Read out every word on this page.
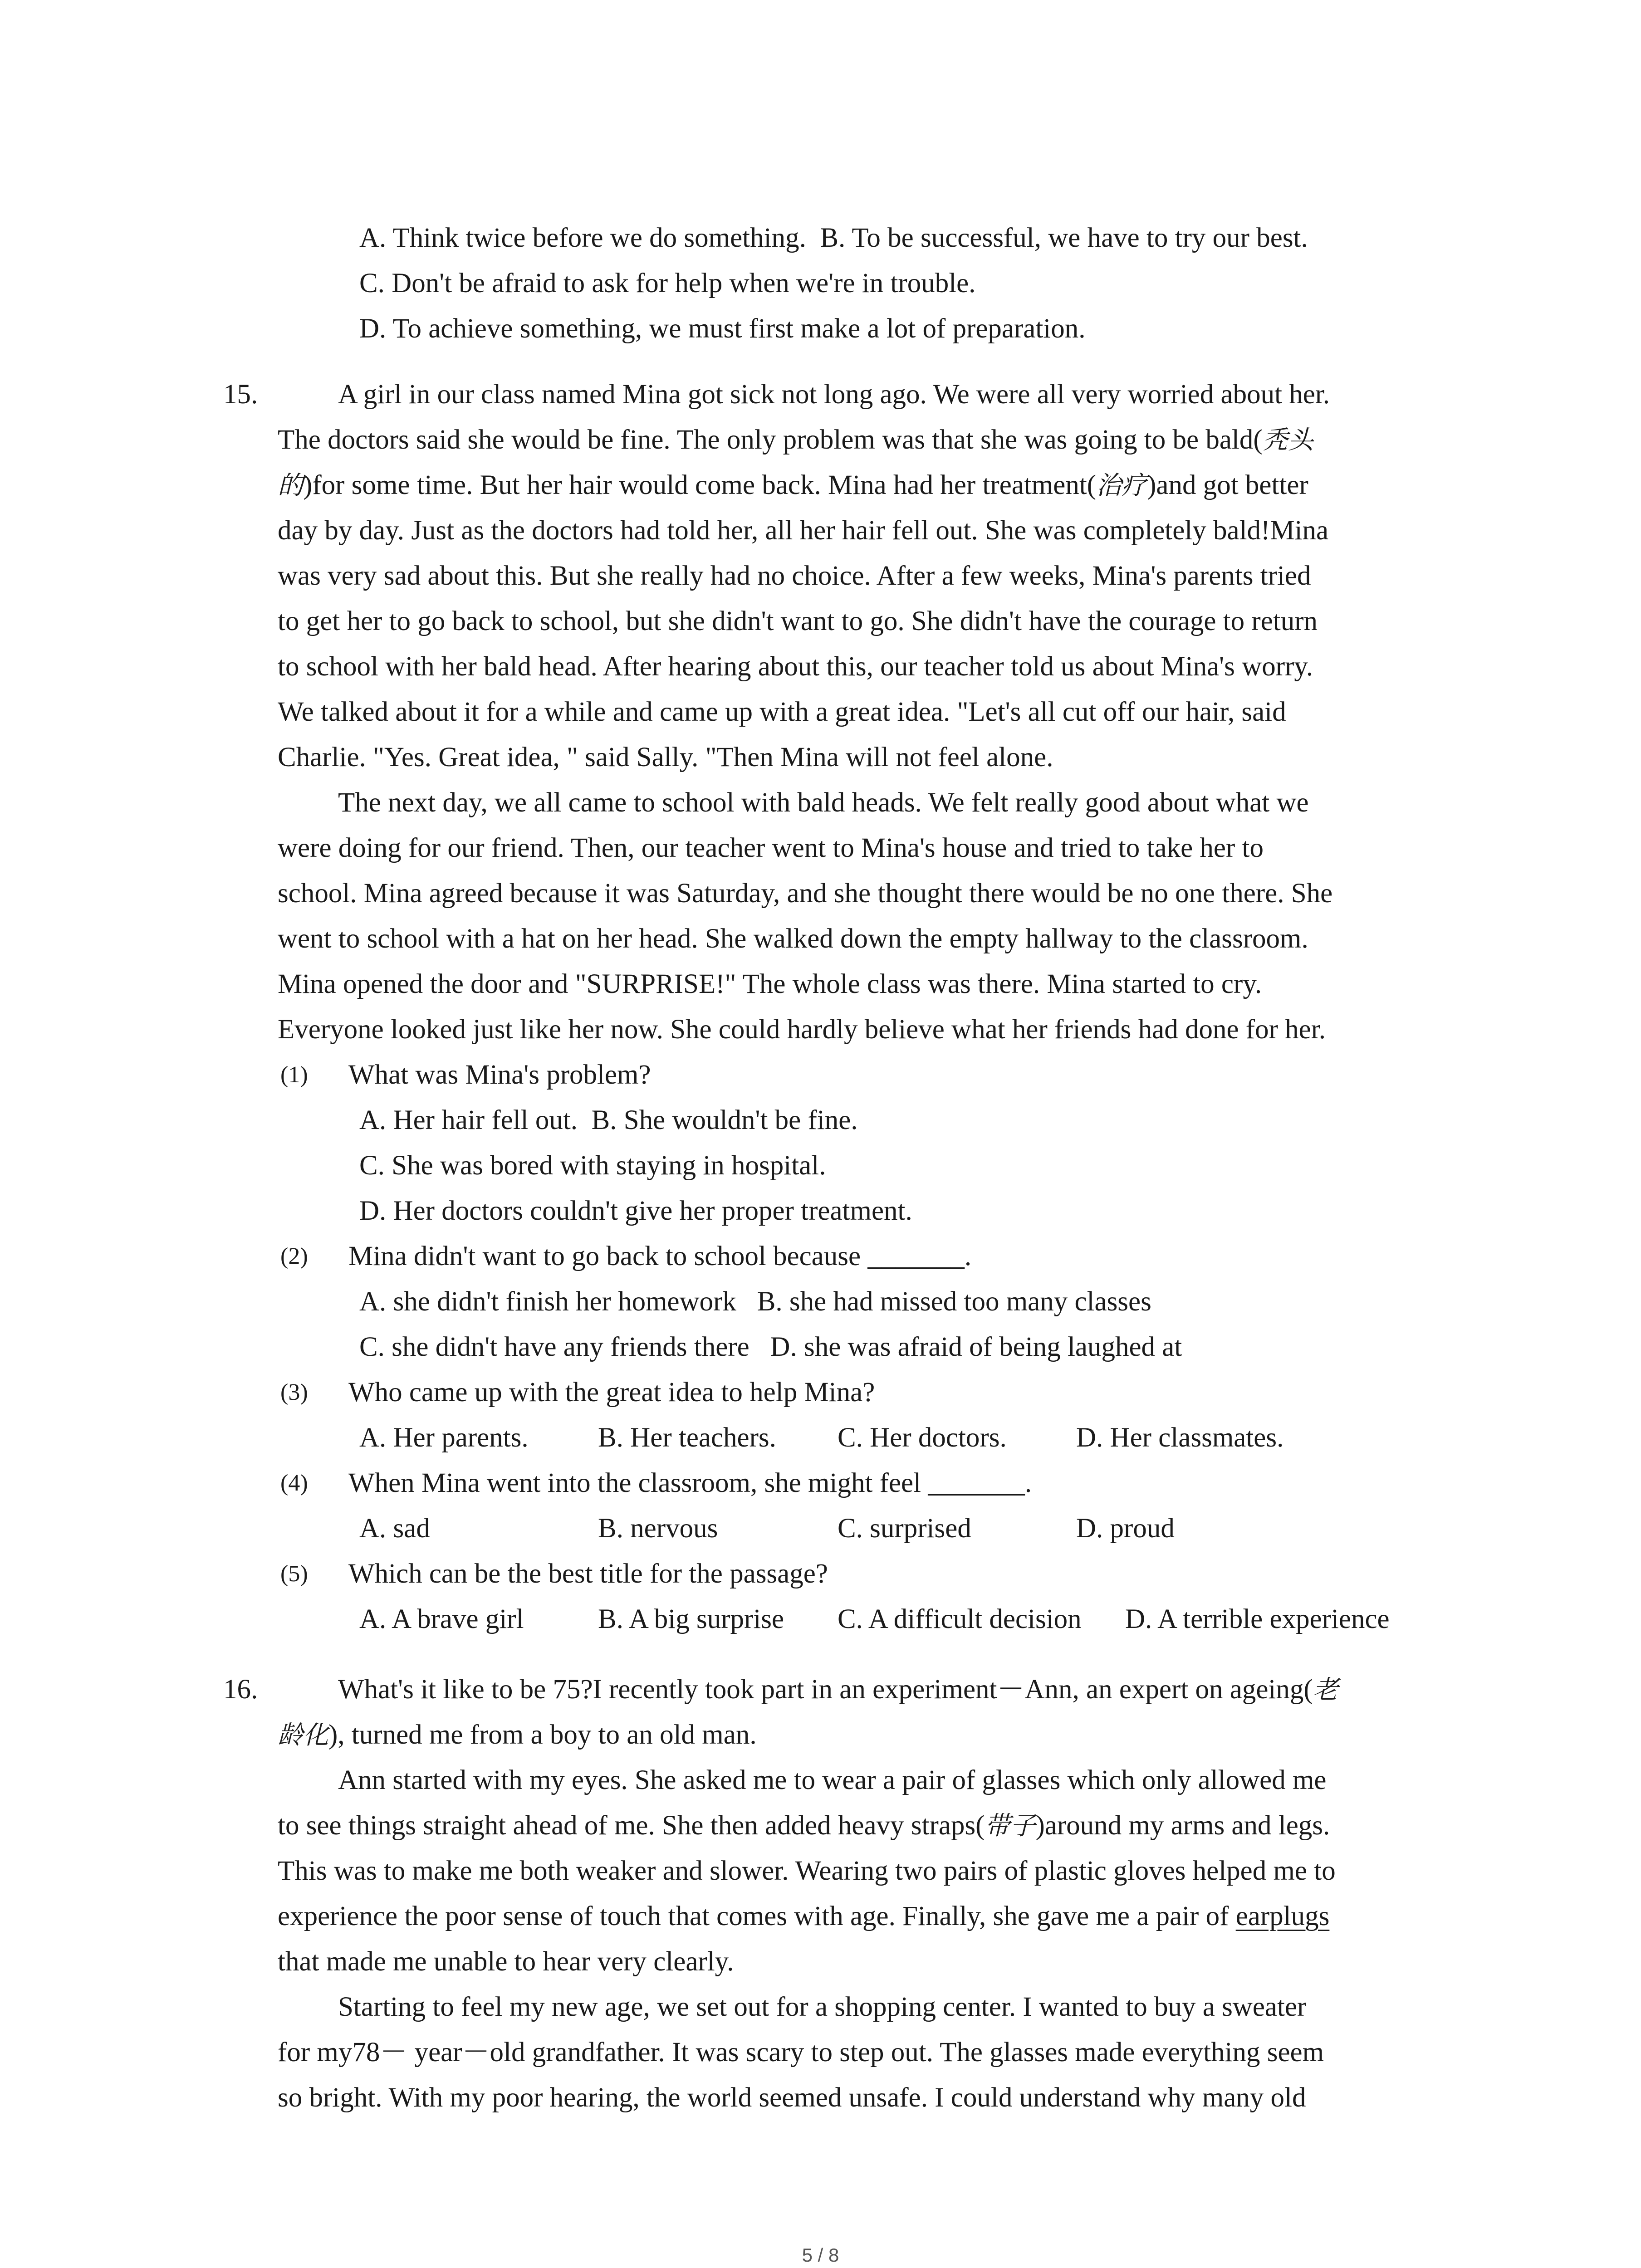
A. Think twice before we do something. B. To be successful, we have to try our best.
C. Don't be afraid to ask for help when we're in trouble.
D. To achieve something, we must first make a lot of preparation.
15.	A girl in our class named Mina got sick not long ago. We were all very worried about her.
The doctors said she would be fine. The only problem was that she was going to be bald(秃头
的)for some time. But her hair would come back. Mina had her treatment(治疗)and got better
day by day. Just as the doctors had told her, all her hair fell out. She was completely bald!Mina
was very sad about this. But she really had no choice. After a few weeks, Mina's parents tried
to get her to go back to school, but she didn't want to go. She didn't have the courage to return
to school with her bald head. After hearing about this, our teacher told us about Mina's worry.
We talked about it for a while and came up with a great idea. "Let's all cut off our hair, said
Charlie. "Yes. Great idea, " said Sally. "Then Mina will not feel alone.
The next day, we all came to school with bald heads. We felt really good about what we
were doing for our friend. Then, our teacher went to Mina's house and tried to take her to
school. Mina agreed because it was Saturday, and she thought there would be no one there. She
went to school with a hat on her head. She walked down the empty hallway to the classroom.
Mina opened the door and "SURPRISE!" The whole class was there. Mina started to cry.
Everyone looked just like her now. She could hardly believe what her friends had done for her.
(1) What was Mina's problem?
A. Her hair fell out.  B. She wouldn't be fine.
C. She was bored with staying in hospital.
D. Her doctors couldn't give her proper treatment.
(2) Mina didn't want to go back to school because _______.
A. she didn't finish her homework   B. she had missed too many classes
C. she didn't have any friends there   D. she was afraid of being laughed at
(3) Who came up with the great idea to help Mina?
A. Her parents.	B. Her teachers. C. Her doctors.	D. Her classmates.
(4) When Mina went into the classroom, she might feel _______.
A. sad	B. nervous	C. surprised	D. proud
(5) Which can be the best title for the passage?
A. A brave girl	B. A big surprise C. A difficult decision D. A terrible experience
16.	What's it like to be 75?I recently took part in an experiment－Ann, an expert on ageing(老
龄化), turned me from a boy to an old man.
Ann started with my eyes. She asked me to wear a pair of glasses which only allowed me
to see things straight ahead of me. She then added heavy straps(带子)around my arms and legs.
This was to make me both weaker and slower. Wearing two pairs of plastic gloves helped me to
experience the poor sense of touch that comes with age. Finally, she gave me a pair of earplugs
that made me unable to hear very clearly.
Starting to feel my new age, we set out for a shopping center. I wanted to buy a sweater
for my78－ year－old grandfather. It was scary to step out. The glasses made everything seem
so bright. With my poor hearing, the world seemed unsafe. I could understand why many old
5 / 8
